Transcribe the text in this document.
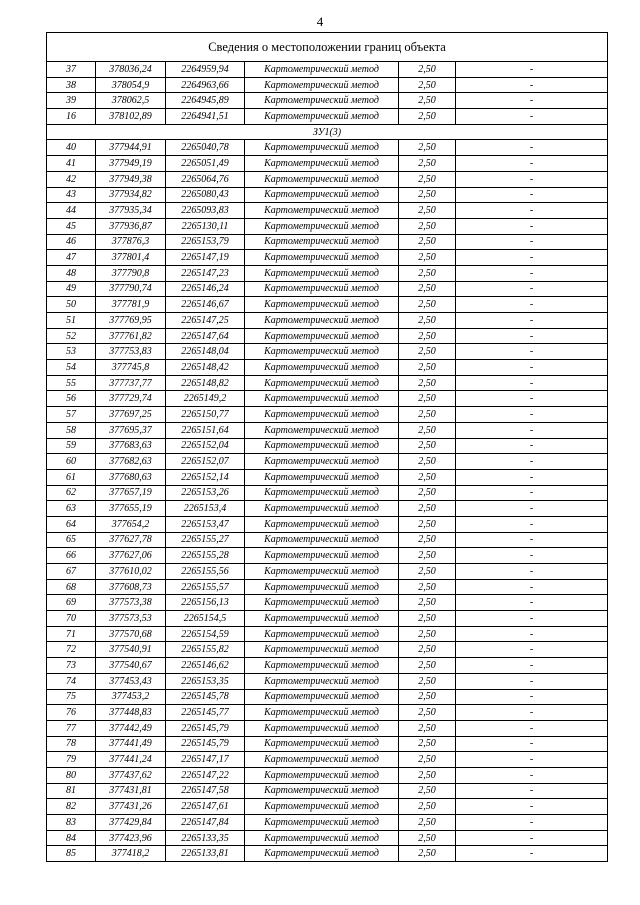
4
Сведения о местоположении границ объекта					
37	378036,24	2264959,94	Картометрический метод	2,50	-
38	378054,9	2264963,66	Картометрический метод	2,50	-
39	378062,5	2264945,89	Картометрический метод	2,50	-
16	378102,89	2264941,51	Картометрический метод	2,50	-
ЗУ1(3)					
40	377944,91	2265040,78	Картометрический метод	2,50	-
41	377949,19	2265051,49	Картометрический метод	2,50	-
42	377949,38	2265064,76	Картометрический метод	2,50	-
43	377934,82	2265080,43	Картометрический метод	2,50	-
44	377935,34	2265093,83	Картометрический метод	2,50	-
45	377936,87	2265130,11	Картометрический метод	2,50	-
46	377876,3	2265153,79	Картометрический метод	2,50	-
47	377801,4	2265147,19	Картометрический метод	2,50	-
48	377790,8	2265147,23	Картометрический метод	2,50	-
49	377790,74	2265146,24	Картометрический метод	2,50	-
50	377781,9	2265146,67	Картометрический метод	2,50	-
51	377769,95	2265147,25	Картометрический метод	2,50	-
52	377761,82	2265147,64	Картометрический метод	2,50	-
53	377753,83	2265148,04	Картометрический метод	2,50	-
54	377745,8	2265148,42	Картометрический метод	2,50	-
55	377737,77	2265148,82	Картометрический метод	2,50	-
56	377729,74	2265149,2	Картометрический метод	2,50	-
57	377697,25	2265150,77	Картометрический метод	2,50	-
58	377695,37	2265151,64	Картометрический метод	2,50	-
59	377683,63	2265152,04	Картометрический метод	2,50	-
60	377682,63	2265152,07	Картометрический метод	2,50	-
61	377680,63	2265152,14	Картометрический метод	2,50	-
62	377657,19	2265153,26	Картометрический метод	2,50	-
63	377655,19	2265153,4	Картометрический метод	2,50	-
64	377654,2	2265153,47	Картометрический метод	2,50	-
65	377627,78	2265155,27	Картометрический метод	2,50	-
66	377627,06	2265155,28	Картометрический метод	2,50	-
67	377610,02	2265155,56	Картометрический метод	2,50	-
68	377608,73	2265155,57	Картометрический метод	2,50	-
69	377573,38	2265156,13	Картометрический метод	2,50	-
70	377573,53	2265154,5	Картометрический метод	2,50	-
71	377570,68	2265154,59	Картометрический метод	2,50	-
72	377540,91	2265155,82	Картометрический метод	2,50	-
73	377540,67	2265146,62	Картометрический метод	2,50	-
74	377453,43	2265153,35	Картометрический метод	2,50	-
75	377453,2	2265145,78	Картометрический метод	2,50	-
76	377448,83	2265145,77	Картометрический метод	2,50	-
77	377442,49	2265145,79	Картометрический метод	2,50	-
78	377441,49	2265145,79	Картометрический метод	2,50	-
79	377441,24	2265147,17	Картометрический метод	2,50	-
80	377437,62	2265147,22	Картометрический метод	2,50	-
81	377431,81	2265147,58	Картометрический метод	2,50	-
82	377431,26	2265147,61	Картометрический метод	2,50	-
83	377429,84	2265147,84	Картометрический метод	2,50	-
84	377423,96	2265133,35	Картометрический метод	2,50	-
85	377418,2	2265133,81	Картометрический метод	2,50	-
